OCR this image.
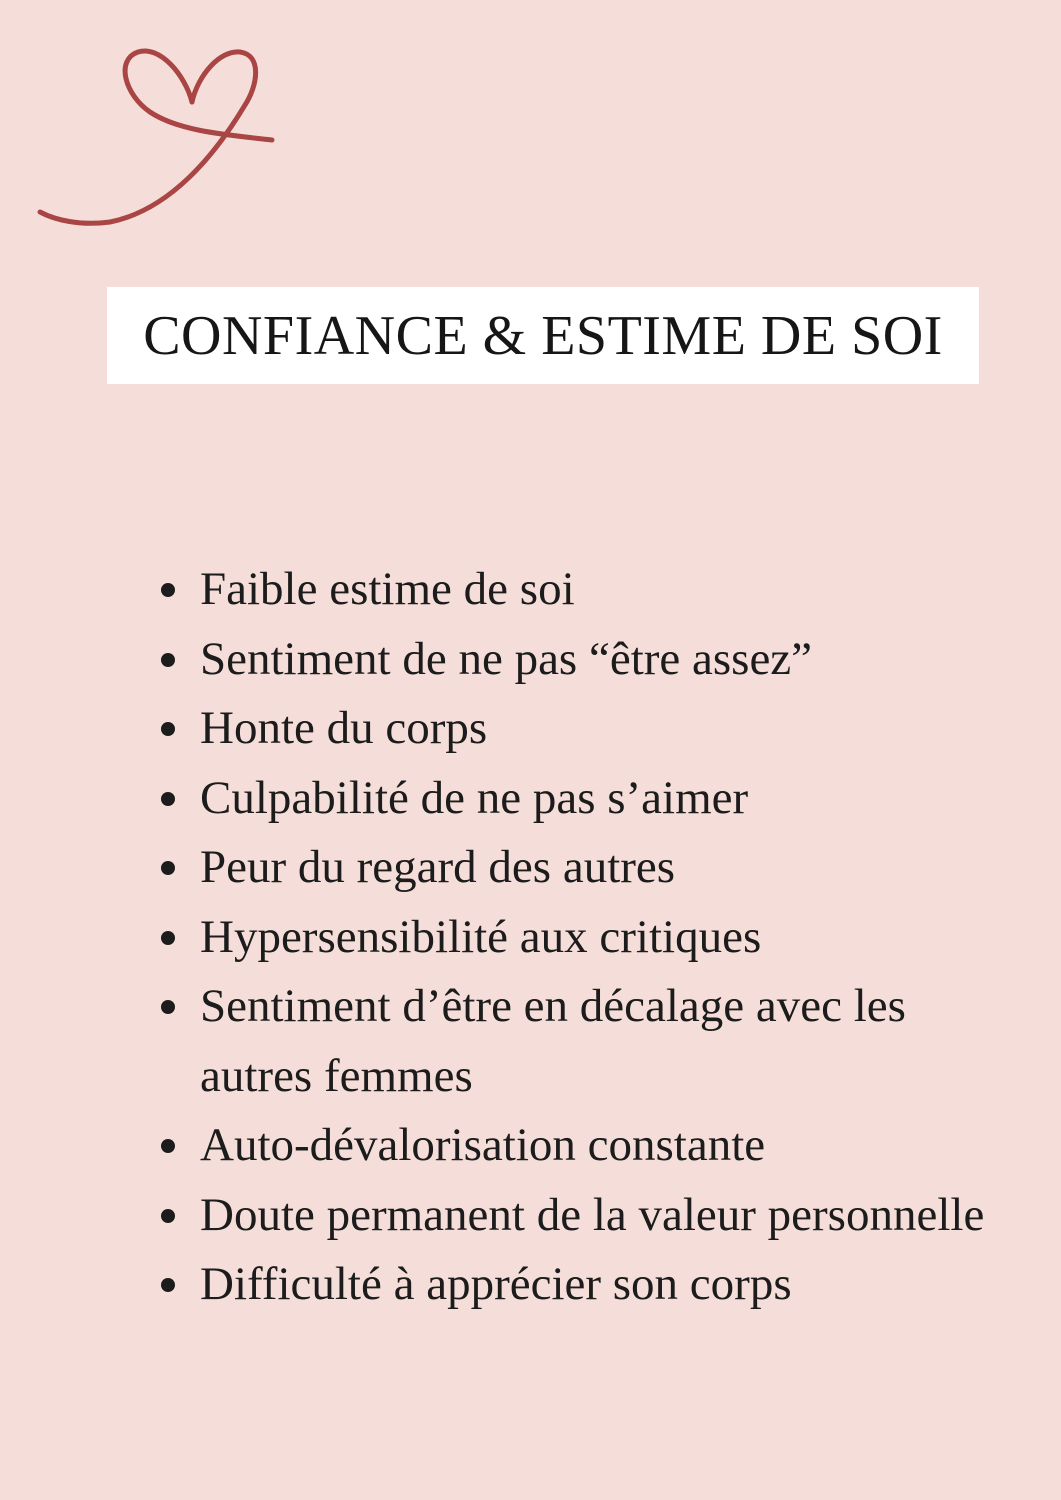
CONFIANCE & ESTIME DE SOI
Faible estime de soi
Sentiment de ne pas “être assez”
Honte du corps
Culpabilité de ne pas s’aimer
Peur du regard des autres
Hypersensibilité aux critiques
Sentiment d’être en décalage avec les autres femmes
Auto-dévalorisation constante
Doute permanent de la valeur personnelle
Difficulté à apprécier son corps
